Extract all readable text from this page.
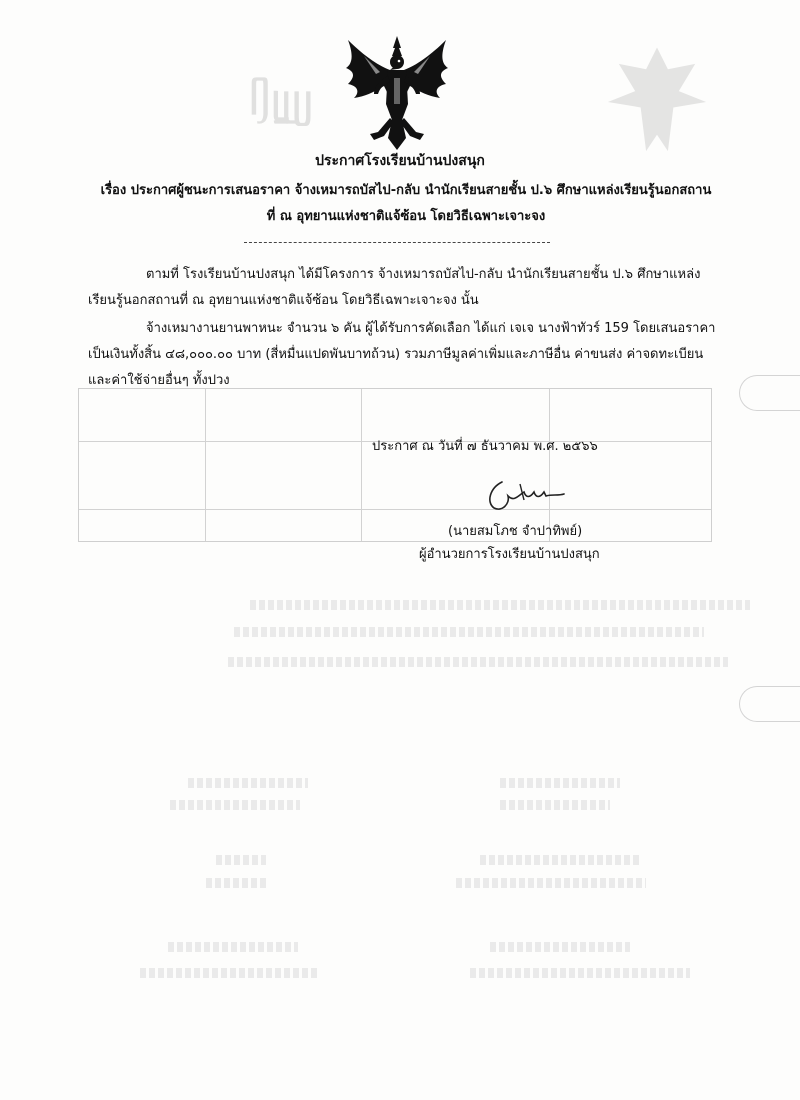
ᥦᥧᥨᥩ
ประกาศโรงเรียนบ้านปงสนุก
เรื่อง ประกาศผู้ชนะการเสนอราคา จ้างเหมารถบัสไป-กลับ นำนักเรียนสายชั้น ป.๖ ศึกษาแหล่งเรียนรู้นอกสถาน
ที่ ณ อุทยานแห่งชาติแจ้ซ้อน โดยวิธีเฉพาะเจาะจง
ตามที่ โรงเรียนบ้านปงสนุก ได้มีโครงการ จ้างเหมารถบัสไป-กลับ นำนักเรียนสายชั้น ป.๖ ศึกษาแหล่งเรียนรู้นอกสถานที่ ณ อุทยานแห่งชาติแจ้ซ้อน โดยวิธีเฉพาะเจาะจง นั้น
จ้างเหมางานยานพาหนะ จำนวน ๖ คัน ผู้ได้รับการคัดเลือก ได้แก่ เจเจ นางฟ้าทัวร์ 159 โดยเสนอราคาเป็นเงินทั้งสิ้น ๔๘,๐๐๐.๐๐ บาท (สี่หมื่นแปดพันบาทถ้วน) รวมภาษีมูลค่าเพิ่มและภาษีอื่น ค่าขนส่ง ค่าจดทะเบียน และค่าใช้จ่ายอื่นๆ ทั้งปวง
ประกาศ ณ วันที่ ๗ ธันวาคม พ.ศ. ๒๕๖๖
(นายสมโภช จำปาทิพย์)
ผู้อำนวยการโรงเรียนบ้านปงสนุก
